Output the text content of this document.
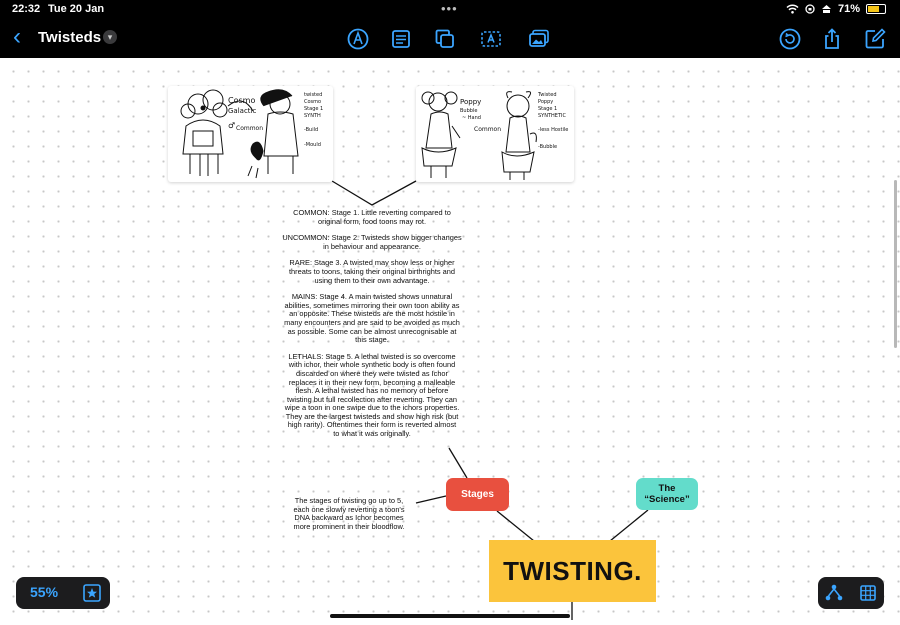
22:32 Tue 20 Jan	•••	71%
‹	Twisteds ▾
Cosmo
Galactic
♂ Common
twisted
Cosmo
Stage 1
SYNTH
-Build
-Mould
Poppy
Bubble
~ Hand
Common
Twisted
Poppy
Stage 1
SYNTHETIC
-less Hostile
-Bubble

COMMON: Stage 1. Little reverting compared to
original form, food toons may rot.

UNCOMMON: Stage 2. Twisteds show bigger changes
in behaviour and appearance.

RARE: Stage 3. A twisted may show less or higher
threats to toons, taking their original birthrights and
using them to their own advantage.

MAINS: Stage 4. A main twisted shows unnatural
abilities, sometimes mirroring their own toon ability as
an opposite. These twisteds are the most hostile in
many encounters and are said to be avoided as much
as possible. Some can be almost unrecognisable at
this stage.

LETHALS: Stage 5. A lethal twisted is so overcome
with ichor, their whole synthetic body is often found
discarded on where they were twisted as Ichor
replaces it in their new form, becoming a malleable
flesh. A lethal twisted has no memory of before
twisting but full recollection after reverting. They can
wipe a toon in one swipe due to the ichors properties.
They are the largest twisteds and show high risk (but
high rarity). Oftentimes their form is reverted almost
to what it was originally.

The stages of twisting go up to 5,
each one slowly reverting a toon's
DNA backward as Ichor becomes
more prominent in their bloodflow.
Stages
The
“Science”
TWISTING.
55%
